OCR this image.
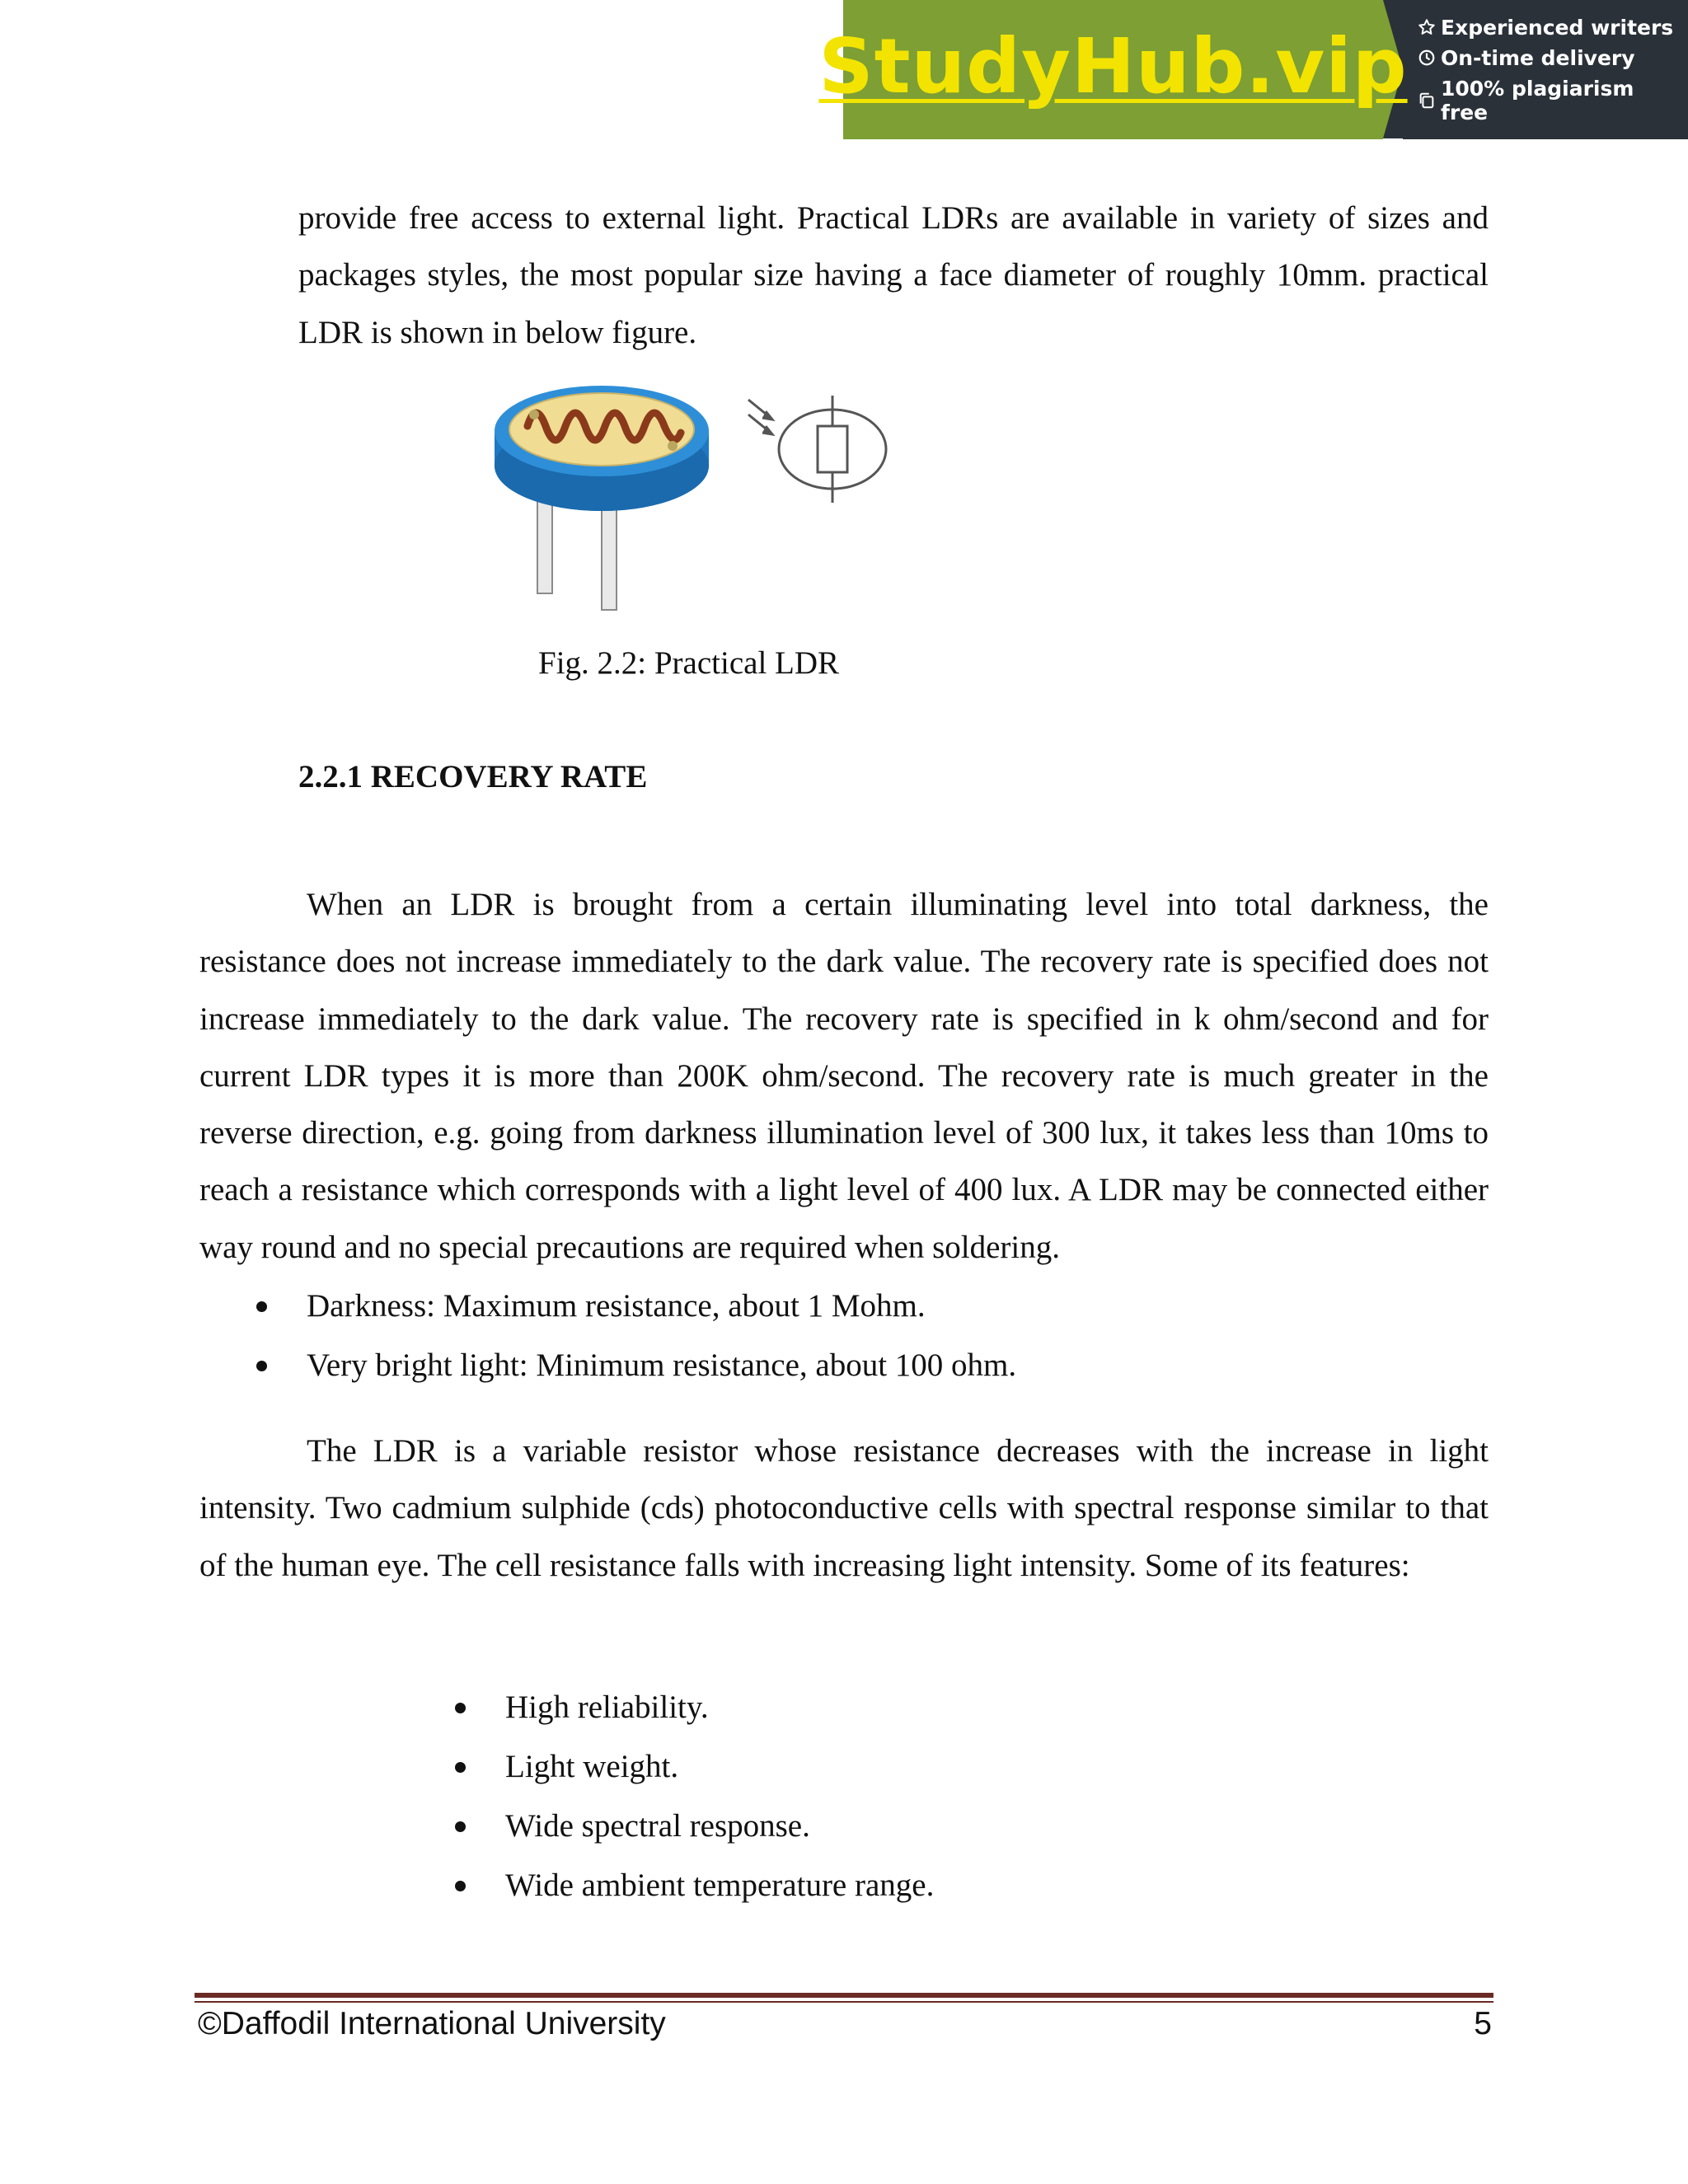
StudyHub.vip Experienced writers
On-time delivery
100% plagiarism free

provide free access to external light. Practical LDRs are available in variety of sizes and packages styles, the most popular size having a face diameter of roughly 10mm. practical LDR is shown in below figure.

Fig. 2.2: Practical LDR

2.2.1 RECOVERY RATE

When an LDR is brought from a certain illuminating level into total darkness, the resistance does not increase immediately to the dark value. The recovery rate is specified does not increase immediately to the dark value. The recovery rate is specified in k ohm/second and for current LDR types it is more than 200K ohm/second. The recovery rate is much greater in the reverse direction, e.g. going from darkness illumination level of 300 lux, it takes less than 10ms to reach a resistance which corresponds with a light level of 400 lux. A LDR may be connected either way round and no special precautions are required when soldering.

Darkness: Maximum resistance, about 1 Mohm.
Very bright light: Minimum resistance, about 100 ohm.

The LDR is a variable resistor whose resistance decreases with the increase in light intensity. Two cadmium sulphide (cds) photoconductive cells with spectral response similar to that of the human eye. The cell resistance falls with increasing light intensity. Some of its features:

High reliability.
Light weight.
Wide spectral response.
Wide ambient temperature range.
©Daffodil International University	5
